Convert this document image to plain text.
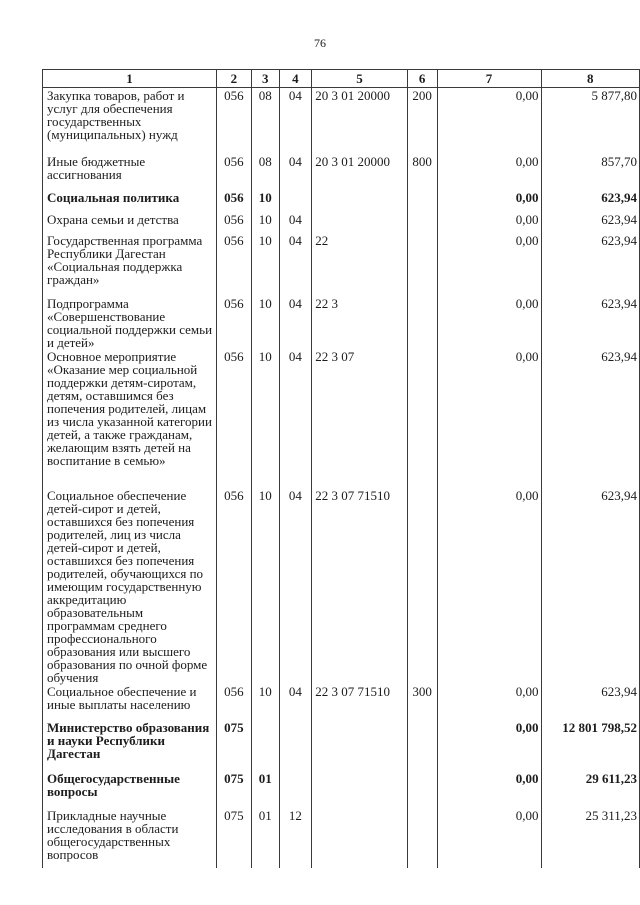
76
1	2	3	4	5	6	7	8
Закупка товаров, работ и услуг для обеспечения государственных (муниципальных) нужд	056	08	04	20 3 01 20000	200	0,00	5 877,80
Иные бюджетные ассигнования	056	08	04	20 3 01 20000	800	0,00	857,70
Социальная политика	056	10				0,00	623,94
Охрана семьи и детства	056	10	04			0,00	623,94
Государственная программа Республики Дагестан «Социальная поддержка граждан»	056	10	04	22		0,00	623,94
Подпрограмма «Совершенствование социальной поддержки семьи и детей»	056	10	04	22 3		0,00	623,94
Основное мероприятие «Оказание мер социальной поддержки детям-сиротам, детям, оставшимся без попечения родителей, лицам из числа указанной категории детей, а также гражданам, желающим взять детей на воспитание в семью»	056	10	04	22 3 07		0,00	623,94
Социальное обеспечение детей-сирот и детей, оставшихся без попечения родителей, лиц из числа детей-сирот и детей, оставшихся без попечения родителей, обучающихся по имеющим государственную аккредитацию образовательным программам среднего профессионального образования или высшего образования по очной форме обучения	056	10	04	22 3 07 71510		0,00	623,94
Социальное обеспечение и иные выплаты населению	056	10	04	22 3 07 71510	300	0,00	623,94
Министерство образования и науки Республики Дагестан	075					0,00	12 801 798,52
Общегосударственные вопросы	075	01				0,00	29 611,23
Прикладные научные исследования в области общегосударственных вопросов	075	01	12			0,00	25 311,23
